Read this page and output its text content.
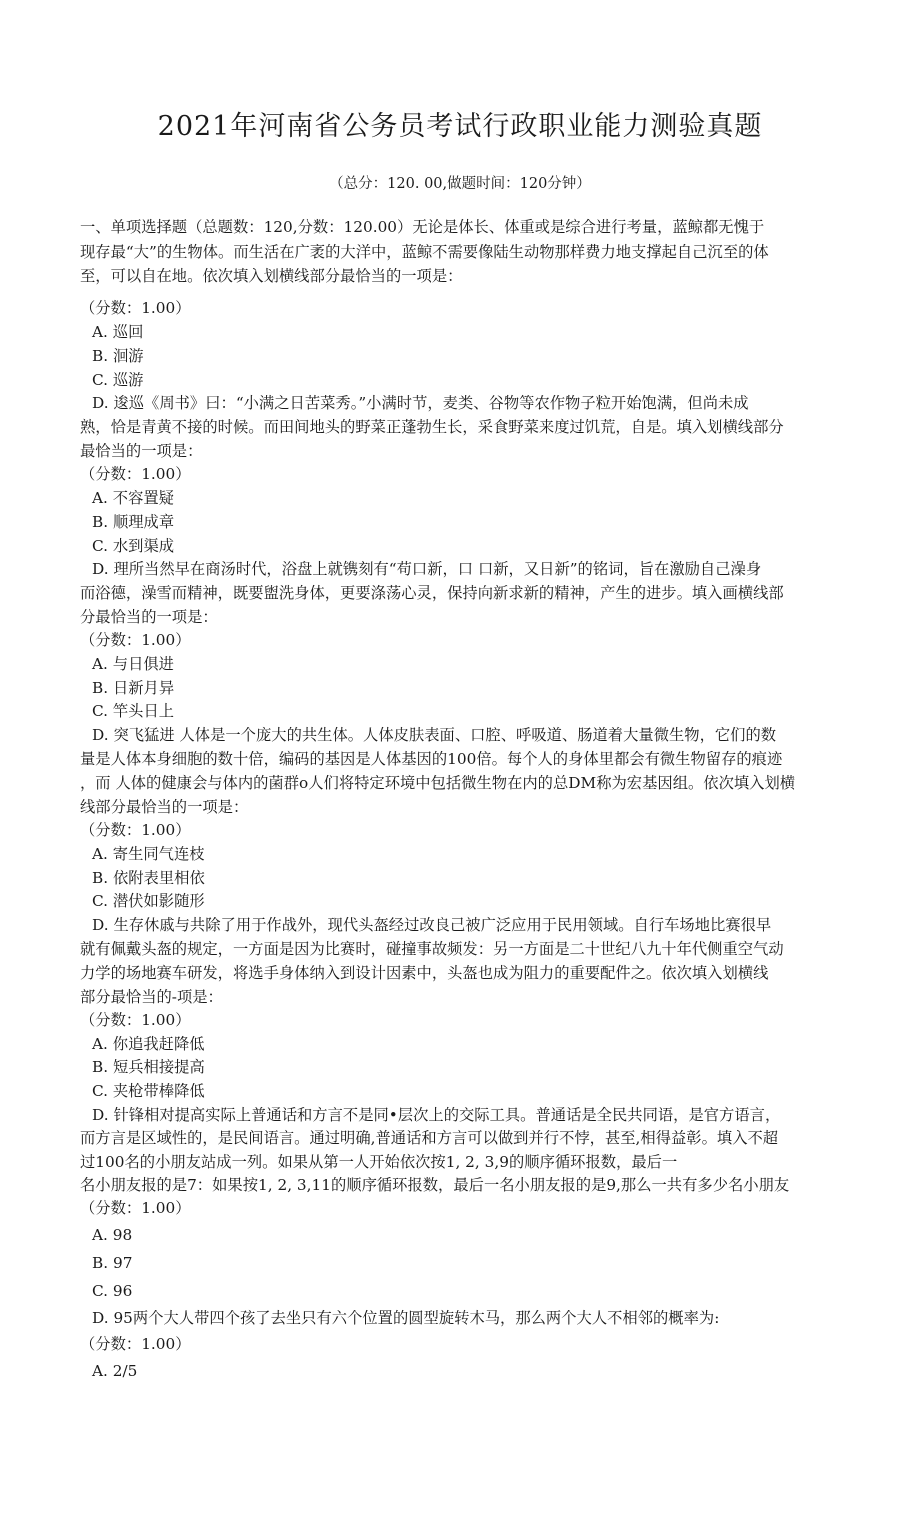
2021年河南省公务员考试行政职业能力测验真题
（总分：120. 00,做题时间：120分钟）
一、单项选择题（总题数：120,分数：120.00）无论是体长、体重或是综合进行考量，蓝鲸都无愧于
现存最“大”的生物体。而生活在广袤的大洋中，蓝鲸不需要像陆生动物那样费力地支撑起自己沉至的体
至，可以自在地。依次填入划横线部分最恰当的一项是：
（分数：1.00）
A. 巡回
B. 洄游
C. 巡游
D. 逡巡《周书》曰：“小满之日苦菜秀。”小满时节，麦类、谷物等农作物子粒开始饱满，但尚未成
熟，恰是青黄不接的时候。而田间地头的野菜正蓬勃生长，采食野菜来度过饥荒，自是。填入划横线部分
最恰当的一项是：
（分数：1.00）
A. 不容置疑
B. 顺理成章
C. 水到渠成
D. 理所当然早在商汤时代，浴盘上就镌刻有“苟口新，口 口新，又日新”的铭词，旨在激励自己澡身
而浴德，澡雪而精神，既要盥洗身体，更要涤荡心灵，保持向新求新的精神，产生的进步。填入画横线部
分最恰当的一项是：
（分数：1.00）
A. 与日俱进
B. 日新月异
C. 竿头日上
D. 突飞猛进 人体是一个庞大的共生体。人体皮肤表面、口腔、呼吸道、肠道着大量微生物，它们的数
量是人体本身细胞的数十倍，编码的基因是人体基因的100倍。每个人的身体里都会有微生物留存的痕迹
，而 人体的健康会与体内的菌群o人们将特定环境中包括微生物在内的总DM称为宏基因组。依次填入划横
线部分最恰当的一项是：
（分数：1.00）
A. 寄生同气连枝
B. 依附表里相依
C. 潜伏如影随形
D. 生存休戚与共除了用于作战外，现代头盔经过改良己被广泛应用于民用领域。自行车场地比赛很早
就有佩戴头盔的规定，一方面是因为比赛时，碰撞事故频发：另一方面是二十世纪八九十年代侧重空气动
力学的场地赛车研发，将选手身体纳入到设计因素中，头盔也成为阻力的重要配件之。依次填入划横线
部分最恰当的-项是：
（分数：1.00）
A. 你追我赶降低
B. 短兵相接提高
C. 夹枪带棒降低
D. 针锋相对提高实际上普通话和方言不是同•层次上的交际工具。普通话是全民共同语，是官方语言，
而方言是区域性的，是民间语言。通过明确,普通话和方言可以做到并行不悖，甚至,相得益彰。填入不超
过100名的小朋友站成一列。如果从第一人开始依次按1, 2, 3,9的顺序循环报数，最后一
名小朋友报的是7：如果按1, 2, 3,11的顺序循环报数，最后一名小朋友报的是9,那么一共有多少名小朋友
（分数：1.00）
A. 98
B. 97
C. 96
D. 95两个大人带四个孩了去坐只有六个位置的圆型旋转木马，那么两个大人不相邻的概率为:
（分数：1.00）
A. 2/5
